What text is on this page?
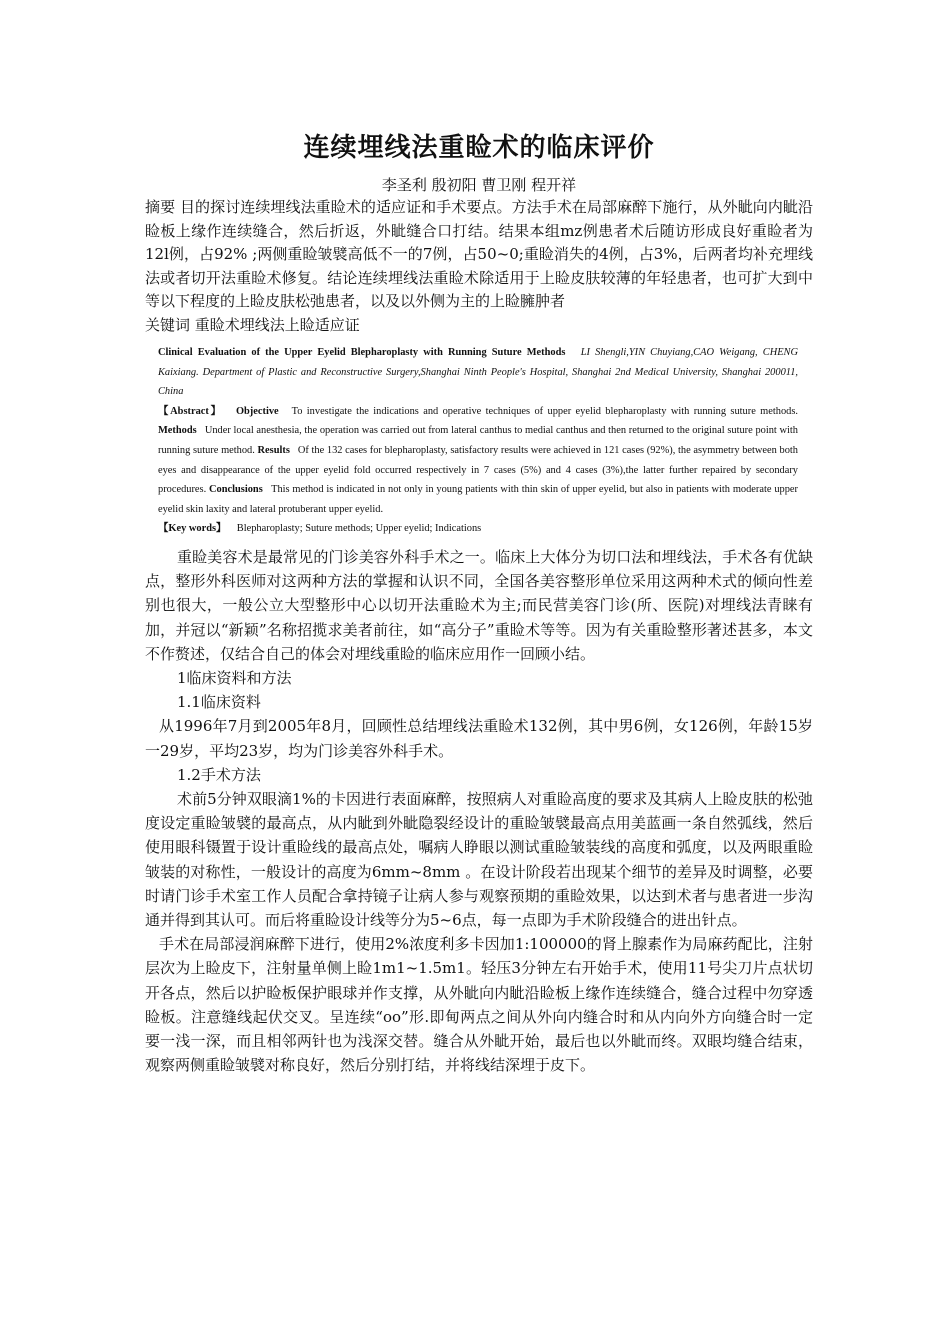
连续埋线法重睑术的临床评价
李圣利 殷初阳 曹卫刚 程开祥

摘要 目的探讨连续埋线法重睑术的适应证和手术要点。方法手术在局部麻醉下施行，从外眦向内眦沿睑板上缘作连续缝合，然后折返，外眦缝合口打结。结果本组mz例患者术后随访形成良好重睑者为12l例，占92% ;两侧重睑皱襞高低不一的7例，占50~0;重睑消失的4例，占3%，后两者均补充埋线法或者切开法重睑术修复。结论连续埋线法重睑术除适用于上睑皮肤较薄的年轻患者，也可扩大到中等以下程度的上睑皮肤松弛患者，以及以外侧为主的上睑臃肿者

关键词 重睑术埋线法上睑适应证

Clinical Evaluation of the Upper Eyelid Blepharoplasty with Running Suture Methods LI Shengli,YIN Chuyiang,CAO Weigang, CHENG Kaixiang. Department of Plastic and Reconstructive Surgery,Shanghai Ninth People's Hospital, Shanghai 2nd Medical University, Shanghai 200011, China

【Abstract】 Objective To investigate the indications and operative techniques of upper eyelid blepharoplasty with running suture methods. Methods Under local anesthesia, the operation was carried out from lateral canthus to medial canthus and then returned to the original suture point with running suture method. Results Of the 132 cases for blepharoplasty, satisfactory results were achieved in 121 cases (92%), the asymmetry between both eyes and disappearance of the upper eyelid fold occurred respectively in 7 cases (5%) and 4 cases (3%),the latter further repaired by secondary procedures. Conclusions This method is indicated in not only in young patients with thin skin of upper eyelid, but also in patients with moderate upper eyelid skin laxity and lateral protuberant upper eyelid.

【Key words】 Blepharoplasty; Suture methods; Upper eyelid; Indications

重睑美容术是最常见的门诊美容外科手术之一。临床上大体分为切口法和埋线法，手术各有优缺点，整形外科医师对这两种方法的掌握和认识不同，全国各美容整形单位采用这两种术式的倾向性差别也很大，一般公立大型整形中心以切开法重睑术为主;而民营美容门诊(所、医院)对埋线法青睐有加，并冠以“新颖”名称招揽求美者前往，如“高分子”重睑术等等。因为有关重睑整形著述甚多，本文不作赘述，仅结合自己的体会对埋线重睑的临床应用作一回顾小结。

1临床资料和方法

1.1临床资料

从1996年7月到2005年8月，回顾性总结埋线法重睑术132例，其中男6例，女126例，年龄15岁一29岁，平均23岁，均为门诊美容外科手术。

1.2手术方法

术前5分钟双眼滴1%的卡因进行表面麻醉，按照病人对重睑高度的要求及其病人上睑皮肤的松弛度设定重睑皱襞的最高点，从内眦到外眦隐裂经设计的重睑皱襞最高点用美蓝画一条自然弧线，然后使用眼科镊置于设计重睑线的最高点处，嘱病人睁眼以测试重睑皱装线的高度和弧度，以及两眼重睑皱装的对称性，一般设计的高度为6mm~8mm 。在设计阶段若出现某个细节的差异及时调整，必要时请门诊手术室工作人员配合拿持镜子让病人参与观察预期的重睑效果，以达到术者与患者进一步沟通并得到其认可。而后将重睑设计线等分为5~6点，每一点即为手术阶段缝合的进出针点。

手术在局部浸润麻醉下进行，使用2%浓度利多卡因加1:100000的肾上腺素作为局麻药配比，注射层次为上睑皮下，注射量单侧上睑1m1~1.5m1。轻压3分钟左右开始手术，使用11号尖刀片点状切开各点，然后以护睑板保护眼球并作支撑，从外眦向内眦沿睑板上缘作连续缝合，缝合过程中勿穿透睑板。注意缝线起伏交叉。呈连续“oo”形.即甸两点之间从外向内缝合时和从内向外方向缝合时一定要一浅一深，而且相邻两针也为浅深交替。缝合从外眦开始，最后也以外眦而终。双眼均缝合结束，观察两侧重睑皱襞对称良好，然后分别打结，并将线结深埋于皮下。
